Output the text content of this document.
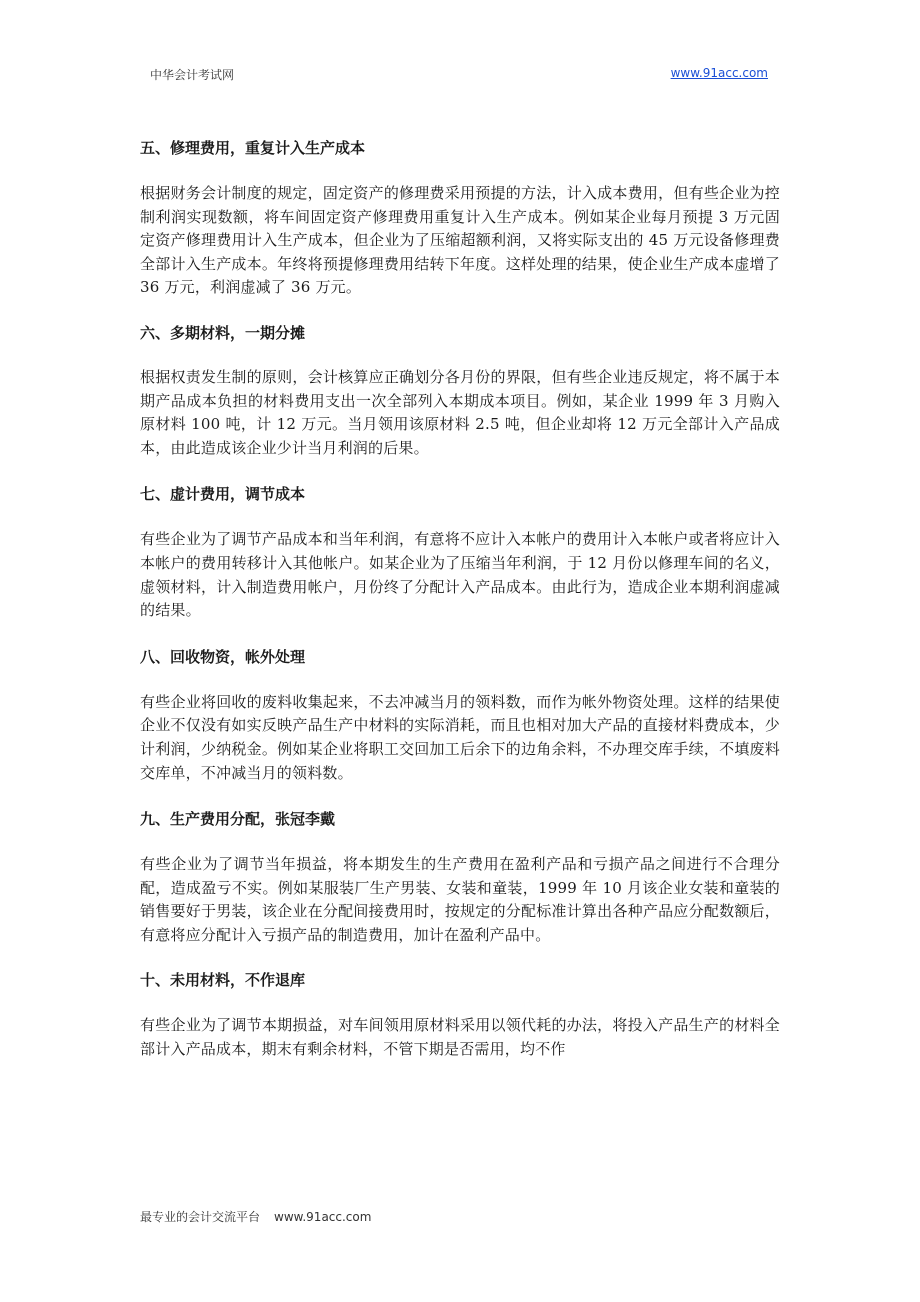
中华会计考试网	www.91acc.com
五、修理费用，重复计入生产成本

根据财务会计制度的规定，固定资产的修理费采用预提的方法，计入成本费用，但有些企业为控制利润实现数额，将车间固定资产修理费用重复计入生产成本。例如某企业每月预提 3 万元固定资产修理费用计入生产成本，但企业为了压缩超额利润，又将实际支出的 45 万元设备修理费全部计入生产成本。年终将预提修理费用结转下年度。这样处理的结果，使企业生产成本虚增了 36 万元，利润虚减了 36 万元。

六、多期材料，一期分摊

根据权责发生制的原则，会计核算应正确划分各月份的界限，但有些企业违反规定，将不属于本期产品成本负担的材料费用支出一次全部列入本期成本项目。例如，某企业 1999 年 3 月购入原材料 100 吨，计 12 万元。当月领用该原材料 2.5 吨，但企业却将 12 万元全部计入产品成本，由此造成该企业少计当月利润的后果。

七、虚计费用，调节成本

有些企业为了调节产品成本和当年利润，有意将不应计入本帐户的费用计入本帐户或者将应计入本帐户的费用转移计入其他帐户。如某企业为了压缩当年利润，于 12 月份以修理车间的名义，虚领材料，计入制造费用帐户，月份终了分配计入产品成本。由此行为，造成企业本期利润虚减的结果。

八、回收物资，帐外处理

有些企业将回收的废料收集起来，不去冲减当月的领料数，而作为帐外物资处理。这样的结果使企业不仅没有如实反映产品生产中材料的实际消耗，而且也相对加大产品的直接材料费成本，少计利润，少纳税金。例如某企业将职工交回加工后余下的边角余料，不办理交库手续，不填废料交库单，不冲减当月的领料数。

九、生产费用分配，张冠李戴

有些企业为了调节当年损益，将本期发生的生产费用在盈利产品和亏损产品之间进行不合理分配，造成盈亏不实。例如某服装厂生产男装、女装和童装，1999 年 10 月该企业女装和童装的销售要好于男装，该企业在分配间接费用时，按规定的分配标准计算出各种产品应分配数额后，有意将应分配计入亏损产品的制造费用，加计在盈利产品中。

十、未用材料，不作退库

有些企业为了调节本期损益，对车间领用原材料采用以领代耗的办法，将投入产品生产的材料全部计入产品成本，期末有剩余材料，不管下期是否需用，均不作

最专业的会计交流平台 www.91acc.com
